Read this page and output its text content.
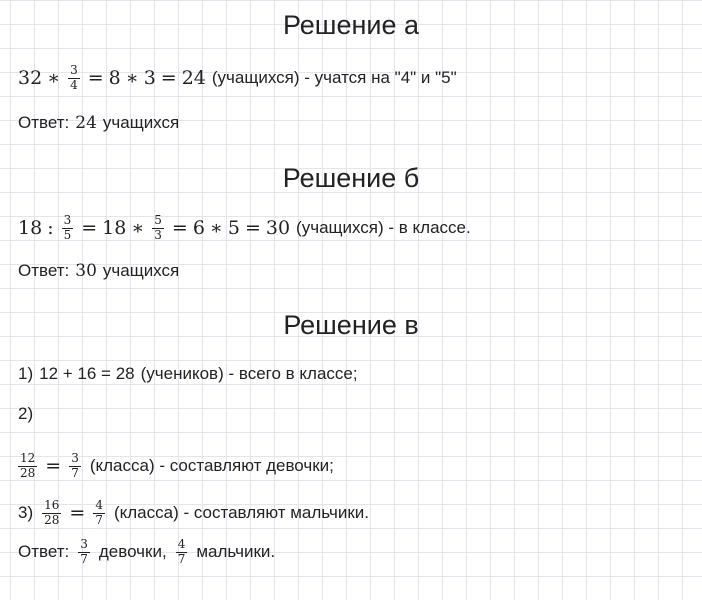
Решение а
32 ∗ $\frac{3}{4} = 8$ ∗ 3 = 24 (учащихся) - учатся на "4" и "5"
Ответ: 24 учащихся
Решение б
18 : $\frac{3}{5} = 18$ ∗ $\frac{5}{3} = 6$ ∗ 5 = 30 (учащихся) - в классе.
Ответ: 30 учащихся
Решение в
1) 12 + 16 = 28 (учеников) - всего в классе;
2)
$\frac{12}{28} = \frac{3}{7}$ (класса) - составляют девочки;
$3) \frac{16}{28} = \frac{4}{7}$ (класса) - составляют мальчики.
Ответ: $\frac{3}{7}$ девочки, $\frac{4}{7}$ мальчики.
